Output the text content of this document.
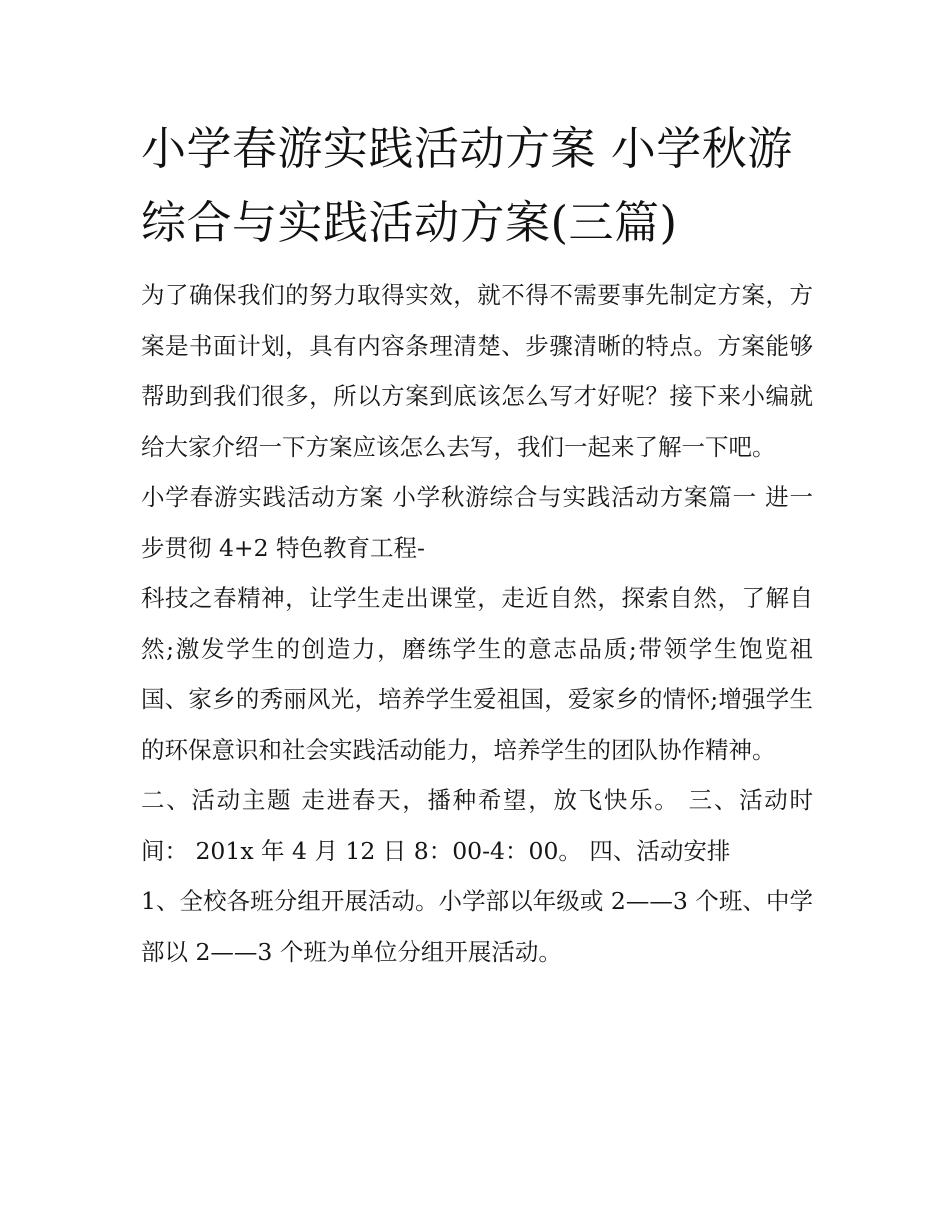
小学春游实践活动方案 小学秋游综合与实践活动方案(三篇)

为了确保我们的努力取得实效，就不得不需要事先制定方案，方案是书面计划，具有内容条理清楚、步骤清晰的特点。方案能够帮助到我们很多，所以方案到底该怎么写才好呢？接下来小编就给大家介绍一下方案应该怎么去写，我们一起来了解一下吧。

小学春游实践活动方案 小学秋游综合与实践活动方案篇一 进一步贯彻 4+2 特色教育工程-

科技之春精神，让学生走出课堂，走近自然，探索自然，了解自然;激发学生的创造力，磨练学生的意志品质;带领学生饱览祖国、家乡的秀丽风光，培养学生爱祖国，爱家乡的情怀;增强学生的环保意识和社会实践活动能力，培养学生的团队协作精神。

二、活动主题 走进春天，播种希望，放飞快乐。 三、活动时间： 201x 年 4 月 12 日 8：00-4：00。 四、活动安排

1、全校各班分组开展活动。小学部以年级或 2——3 个班、中学部以 2——3 个班为单位分组开展活动。
